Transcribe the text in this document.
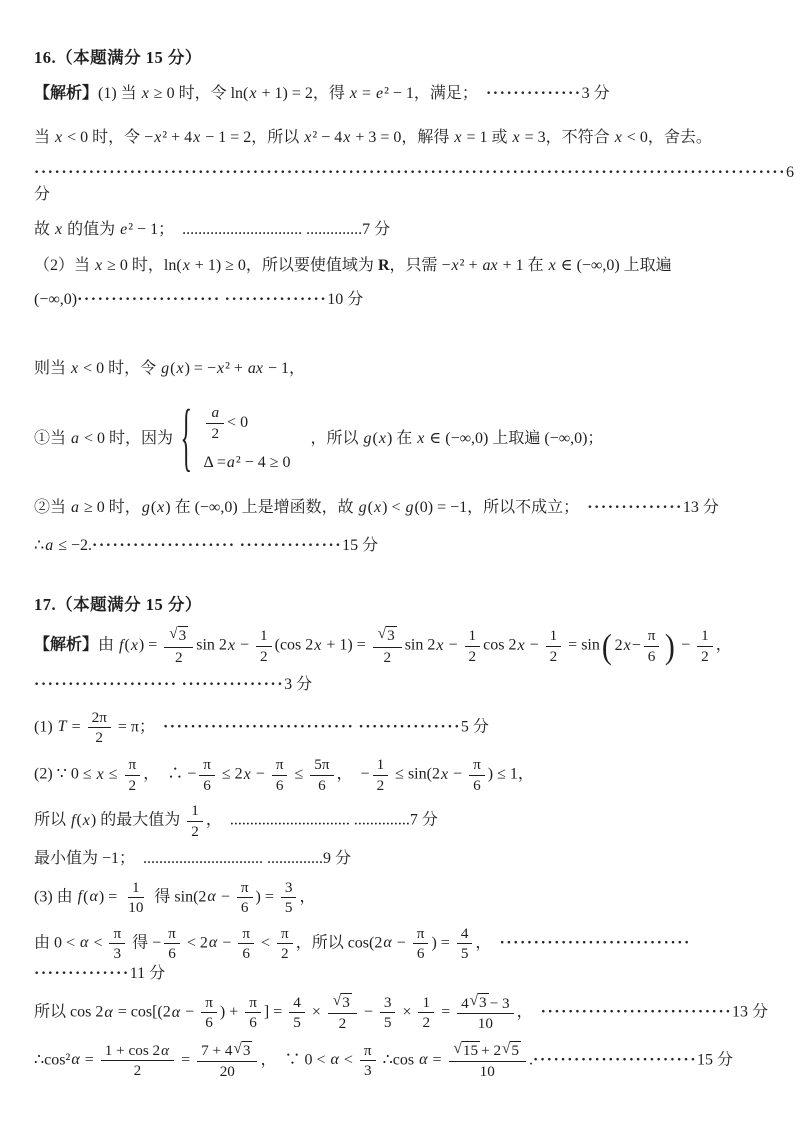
16.（本题满分 15 分）
【解析】(1) 当 x ≥ 0 时，令 ln(x + 1) = 2，得 x = e² − 1，满足；　··············3 分
当 x < 0 时，令 −x² + 4x − 1 = 2，所以 x² − 4x + 3 = 0，解得 x = 1 或 x = 3，不符合 x < 0，舍去。
··············································································································6 分
故 x 的值为 e² − 1；　.............................. ..............7 分
（2）当 x ≥ 0 时，ln(x + 1) ≥ 0，所以要使值域为 R，只需 −x² + ax + 1 在 x ∈ (−∞,0) 上取遍
(−∞,0)····················· ···············10 分
则当 x < 0 时，令 g(x) = −x² + ax − 1，
①当 a < 0 时，因为 { $\frac{a}{2} < 0$
Δ = a ² − 4 ≥ 0
　，所以 g(x) 在 x ∈ (−∞,0) 上取遍 (−∞,0)；
②当 a ≥ 0 时，g(x) 在 (−∞,0) 上是增函数，故 g(x) < g(0) = −1，所以不成立；　··············13 分
∴a ≤ −2.····················· ···············15 分
17.（本题满分 15 分）
【解析】由 $f(x) = \frac{√ 3}{2}$ $\sin 2x - \frac{1}{2} (\cos$ $2x + 1) = \frac{√ 3}{2}$ $\sin 2x - \frac{1}{2}$ $\cos 2x - \frac{1}{2} = \sin$ ( 2 $x - \frac{\pi}{6}$ ) − $\frac{1}{2}$ ，
····················· ···············3 分
(1) $T = \frac{2\pi}{2} = \pi$；　···························· ···············5 分
(2) ∵ $0 \le x \le \frac{\pi}{2}$ ，　∴ − $\frac{\pi}{6} \le 2x - \frac{\pi}{6} \le \frac{5\pi}{6}$ ，　− $\frac{1}{2} \le \sin(2x - \frac{\pi}{6}$ ) ≤ 1，
所以 f(x) 的最大值为 $\frac{1}{2}$ ，　.............................. ..............7 分
最小值为 −1；　.............................. ..............9 分
(3) 由 $f(\alpha) = \frac{1}{10}$ 得 $\sin(2\alpha - \frac{\pi}{6}$ ) = $\frac{3}{5}$ ，
由 $0 < \alpha < \frac{\pi}{3}$ 得 − $\frac{\pi}{6} < 2\alpha - \frac{\pi}{6} < \frac{\pi}{2}$ ，所以 $\cos(2\alpha - \frac{\pi}{6}$ ) = $\frac{4}{5}$ ，　···························· ··············11 分
所以 $\cos 2\alpha = \cos[(2\alpha - \frac{\pi}{6}$ ) + $\frac{\pi}{6}$ ] = $\frac{4}{5} \times \frac{√ 3}{2} - \frac{3}{5} \times \frac{1}{2} = \frac{4 √ 3 - 3}{10}$ ，　····························13 分
∴cos²α = $\frac{1 + \cos 2 \alpha}{2} = \frac{7 + 4 √ 3}{20}$ ，　∵ $0 < \alpha < \frac{\pi}{3}$ ∴cos $\alpha = \frac{√ 15 + 2 √ 5}{10} .\cdot\cdot\cdot\cdot\cdot\cdot\cdot\cdot\cdot\cdot\cdot\cdot\cdot\cdot\cdot\cdot\cdot\cdot\cdot\cdot\cdot\cdot\cdot\cdot 15$ 分
